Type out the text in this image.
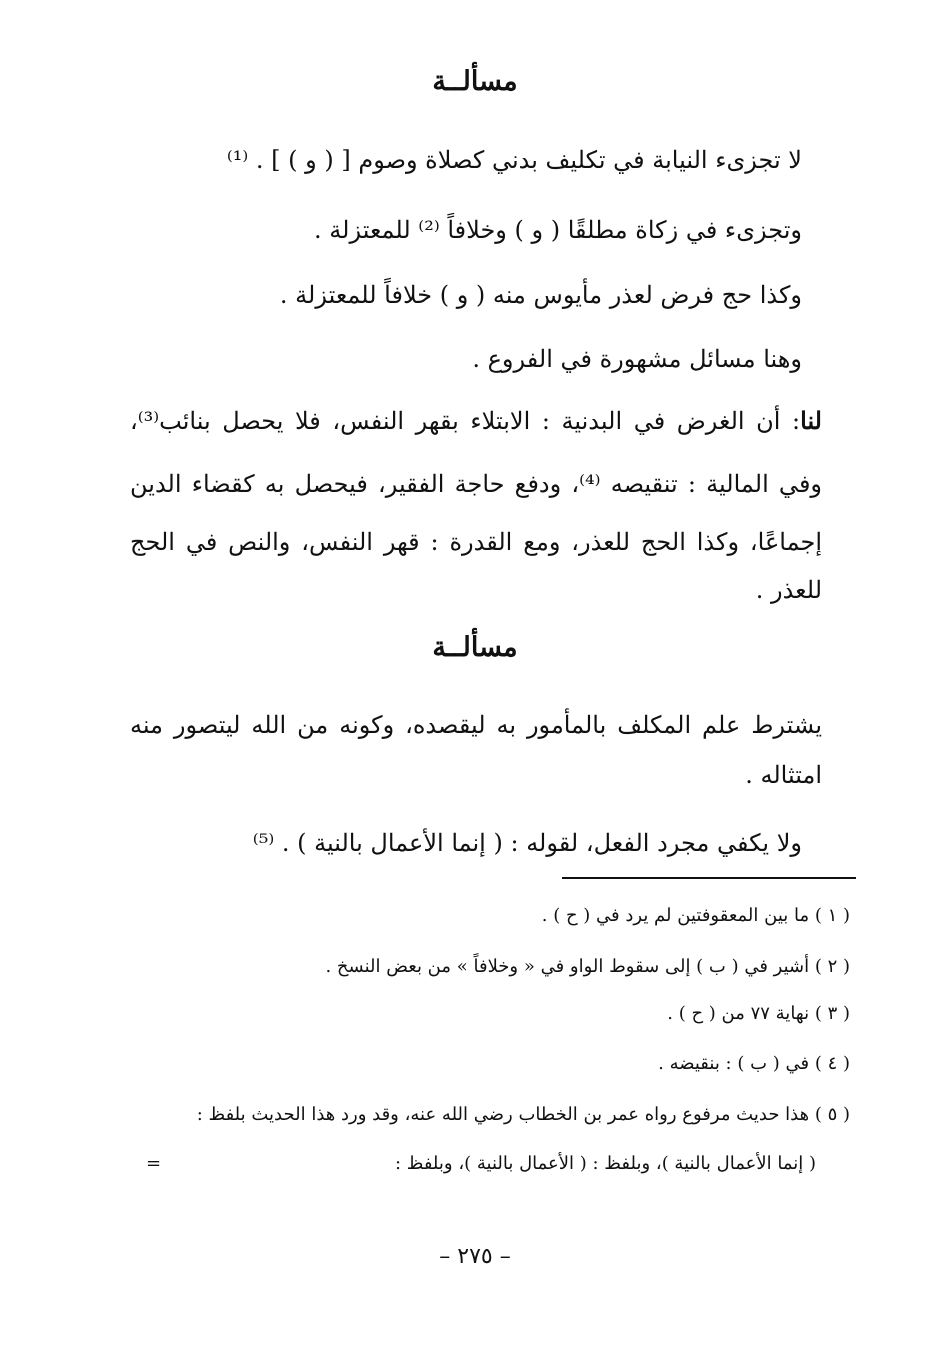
مسألــة
لا تجزىء النيابة في تكليف بدني كصلاة وصوم [ ( و ) ] . ⁽¹⁾
وتجزىء في زكاة مطلقًا ( و ) وخلافاً ⁽²⁾ للمعتزلة .
وكذا حج فرض لعذر مأيوس منه ( و ) خلافاً للمعتزلة .
وهنا مسائل مشهورة في الفروع .
لنا: أن الغرض في البدنية : الابتلاء بقهر النفس، فلا يحصل بنائب⁽³⁾،
وفي المالية : تنقيصه ⁽⁴⁾، ودفع حاجة الفقير، فيحصل به كقضاء الدين
إجماعًا، وكذا الحج للعذر، ومع القدرة : قهر النفس، والنص في الحج
للعذر .
مسألــة
يشترط علم المكلف بالمأمور به ليقصده، وكونه من الله ليتصور منه
امتثاله .
ولا يكفي مجرد الفعل، لقوله : ( إنما الأعمال بالنية ) . ⁽⁵⁾
( ١ ) ما بين المعقوفتين لم يرد في ( ح ) .
( ٢ ) أشير في ( ب ) إلى سقوط الواو في « وخلافاً » من بعض النسخ .
( ٣ ) نهاية ٧٧ من ( ح ) .
( ٤ ) في ( ب ) : بنقيضه .
( ٥ ) هذا حديث مرفوع رواه عمر بن الخطاب رضي الله عنه، وقد ورد هذا الحديث بلفظ :
( إنما الأعمال بالنية )، وبلفظ : ( الأعمال بالنية )، وبلفظ :
=
– ٢٧٥ –
